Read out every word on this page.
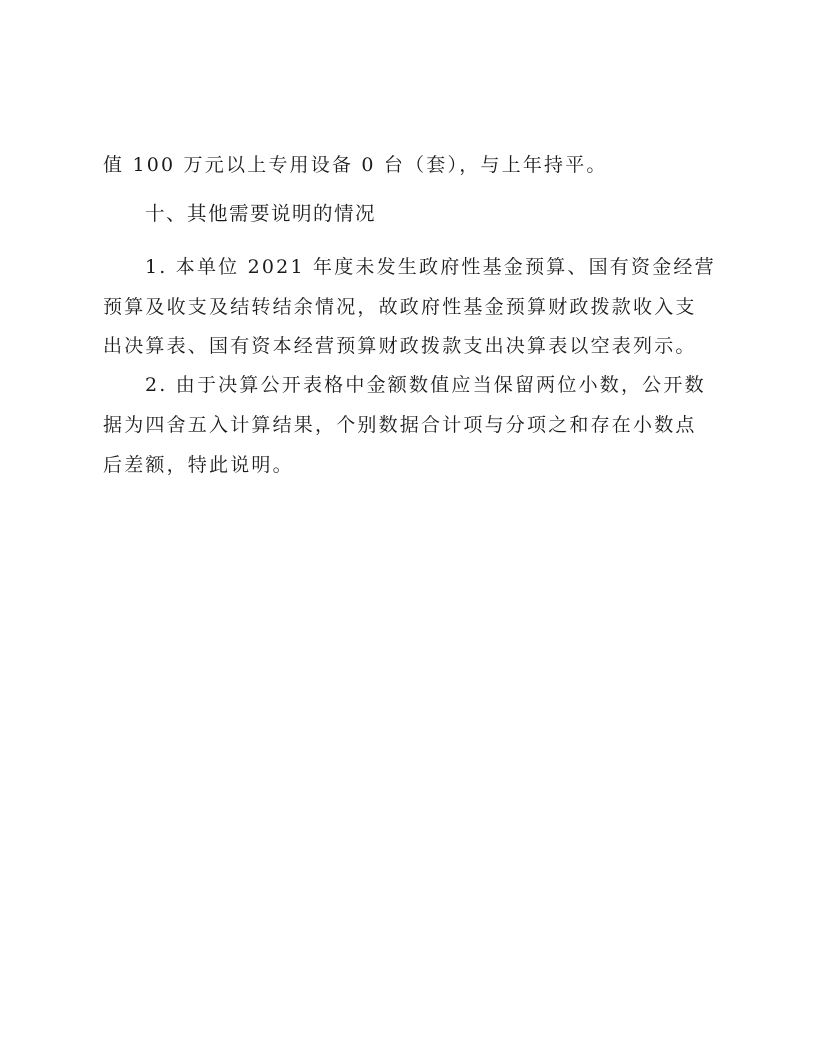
值 100 万元以上专用设备 0 台（套），与上年持平。
十、其他需要说明的情况
1. 本单位 2021 年度未发生政府性基金预算、国有资金经营
预算及收支及结转结余情况，故政府性基金预算财政拨款收入支
出决算表、国有资本经营预算财政拨款支出决算表以空表列示。
2. 由于决算公开表格中金额数值应当保留两位小数，公开数
据为四舍五入计算结果，个别数据合计项与分项之和存在小数点
后差额，特此说明。
